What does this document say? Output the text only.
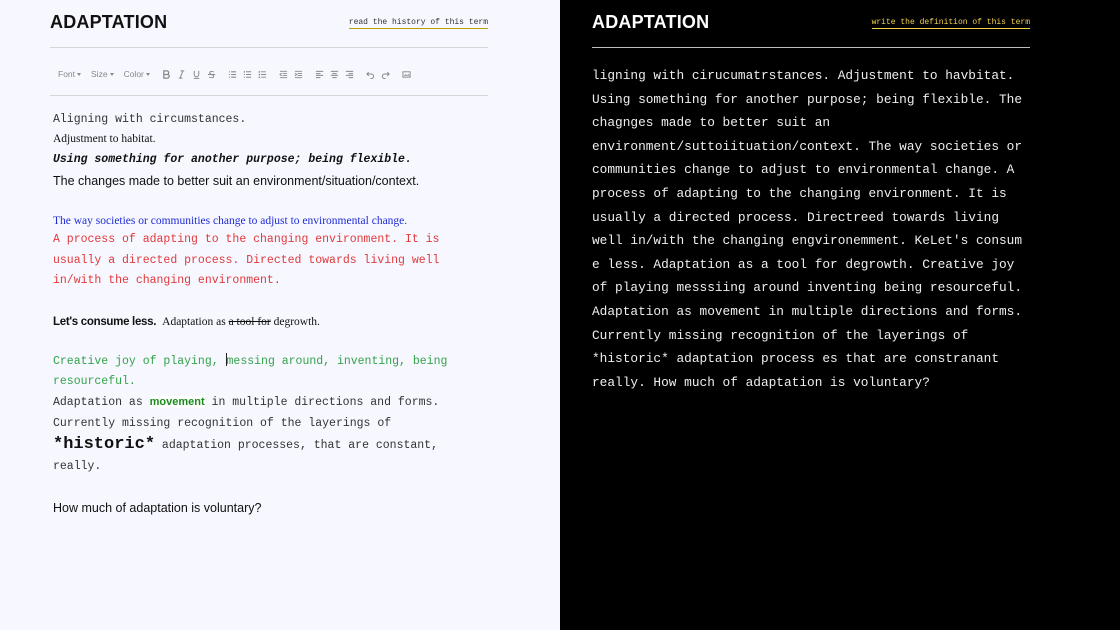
ADAPTATION	read the history of this term
Font Size Color

Aligning with circumstances.

Adjustment to habitat.

Using something for another purpose; being flexible.

The changes made to better suit an environment/situation/context.

The way societies or communities change to adjust to environmental change.

A process of adapting to the changing environment. It is usually a directed process. Directed towards living well in/with the changing environment.

Let's consume less. Adaptation as a tool for degrowth.

Creative joy of playing, messing around, inventing, being resourceful.

Adaptation as movement in multiple directions and forms.

Currently missing recognition of the layerings of *historic* adaptation processes, that are constant, really.

How much of adaptation is voluntary?

ADAPTATION	write the definition of this term
ligning with cirucumatrstances. Adjustment to havbitat. Using something for another purpose; being flexible. The chagnges made to better suit an environment/suttoiituation/context. The way societies or communities change to adjust to environmental change. A process of adapting to the changing environment. It is usually a directed process. Directreed towards living well in/with the changing engvironemment. KeLet's consum e less. Adaptation as a tool for degrowth. Creative joy of playing messsiing around inventing being resourceful. Adaptation as movement in multiple directions and forms. Currently missing recognition of the layerings of *historic* adaptation process es that are constranant really. How much of adaptation is voluntary?
